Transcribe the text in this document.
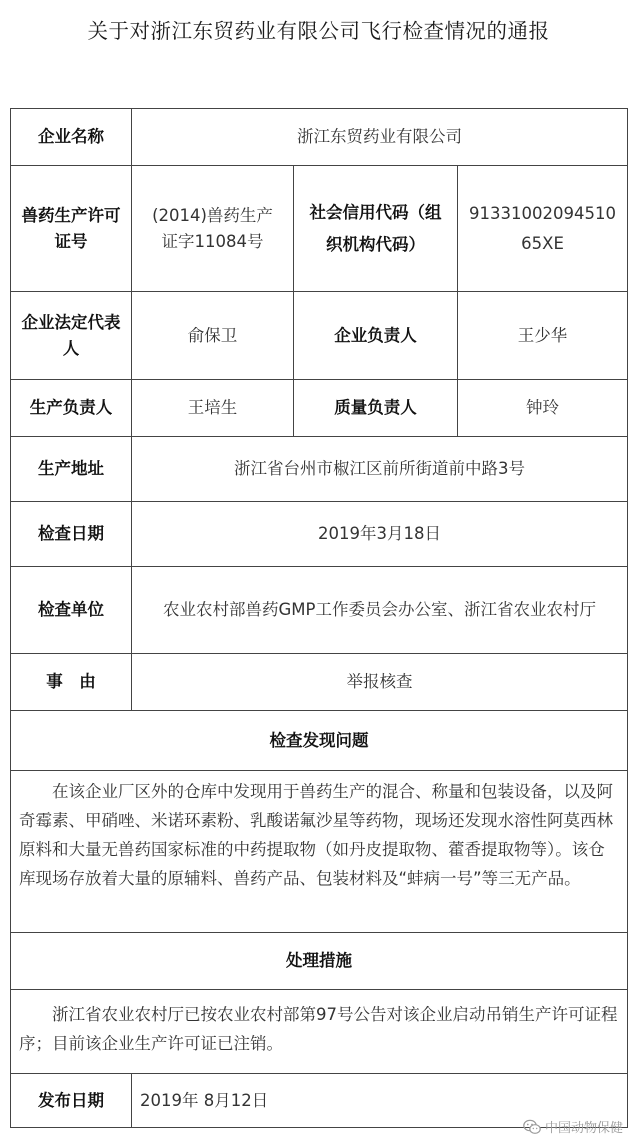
关于对浙江东贸药业有限公司飞行检查情况的通报
企业名称	浙江东贸药业有限公司		
兽药生产许可证号	(2014)兽药生产证字11084号	社会信用代码（组织机构代码）	91331002094510 65XE
企业法定代表人	俞保卫	企业负责人	王少华
生产负责人	王培生	质量负责人	钟玲
生产地址	浙江省台州市椒江区前所街道前中路3号		
检查日期	2019年3月18日		
检查单位	农业农村部兽药GMP工作委员会办公室、浙江省农业农村厅		
事　由	举报核查		
检查发现问题			
在该企业厂区外的仓库中发现用于兽药生产的混合、称量和包装设备，以及阿奇霉素、甲硝唑、米诺环素粉、乳酸诺氟沙星等药物，现场还发现水溶性阿莫西林原料和大量无兽药国家标准的中药提取物（如丹皮提取物、藿香提取物等）。该仓库现场存放着大量的原辅料、兽药产品、包装材料及“蚌病一号”等三无产品。			
处理措施			
浙江省农业农村厅已按农业农村部第97号公告对该企业启动吊销生产许可证程序；目前该企业生产许可证已注销。			
发布日期	2019年 8月12日		
中国动物保健
